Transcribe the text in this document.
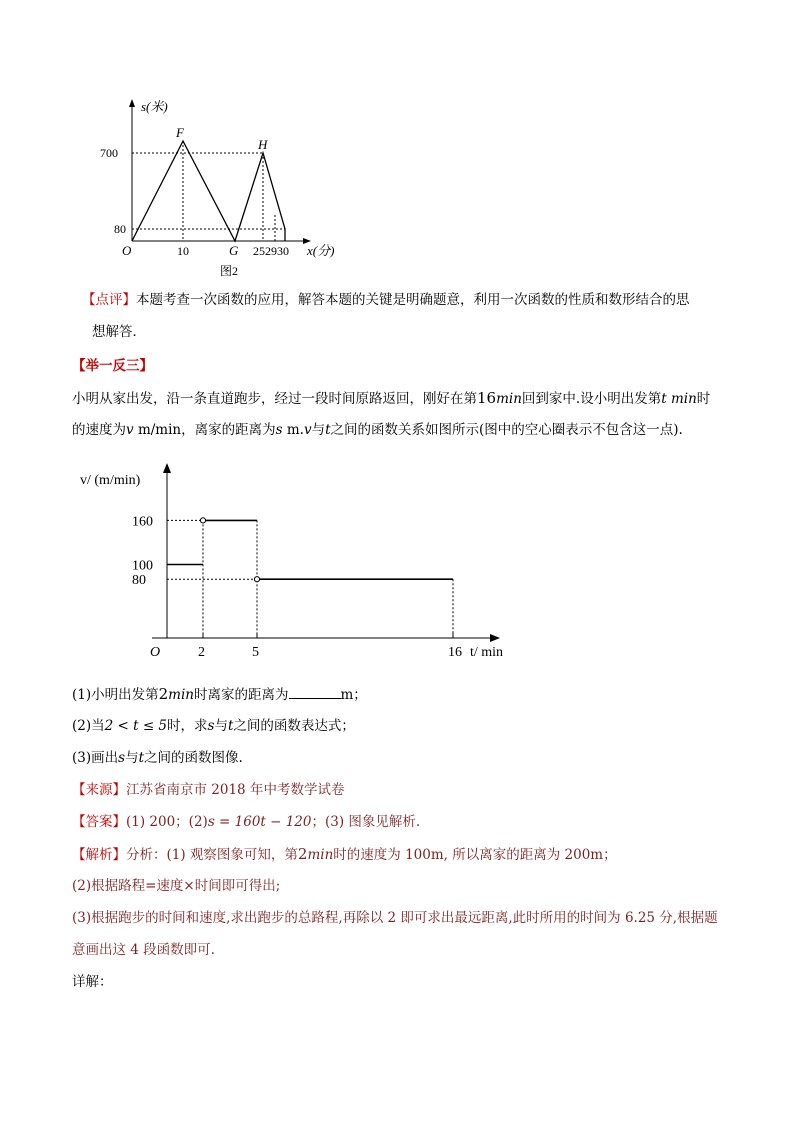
s(米)
F
H
700
80
O	10	G 252930 x(分)
图2
【点评】本题考查一次函数的应用，解答本题的关键是明确题意，利用一次函数的性质和数形结合的思
想解答．
【举一反三】
小明从家出发，沿一条直道跑步，经过一段时间原路返回，刚好在第16min回到家中.设小明出发第t min时
的速度为v m/min，离家的距离为s m.v与t之间的函数关系如图所示(图中的空心圈表示不包含这一点).
v/ (m/min)
t/ min
O
80
100
160
2	5	16
(1)小明出发第2min时离家的距离为	m；
(2)当2 < t ≤ 5时，求s与t之间的函数表达式；
(3)画出s与t之间的函数图像.
【来源】江苏省南京市 2018 年中考数学试卷
【答案】(1) 200；(2)s = 160t − 120；(3) 图象见解析.
【解析】分析：(1) 观察图象可知，第2min时的速度为 100m, 所以离家的距离为 200m；
(2)根据路程=速度×时间即可得出;
(3)根据跑步的时间和速度,求出跑步的总路程,再除以 2 即可求出最远距离,此时所用的时间为 6.25 分,根据题
意画出这 4 段函数即可.
详解：
